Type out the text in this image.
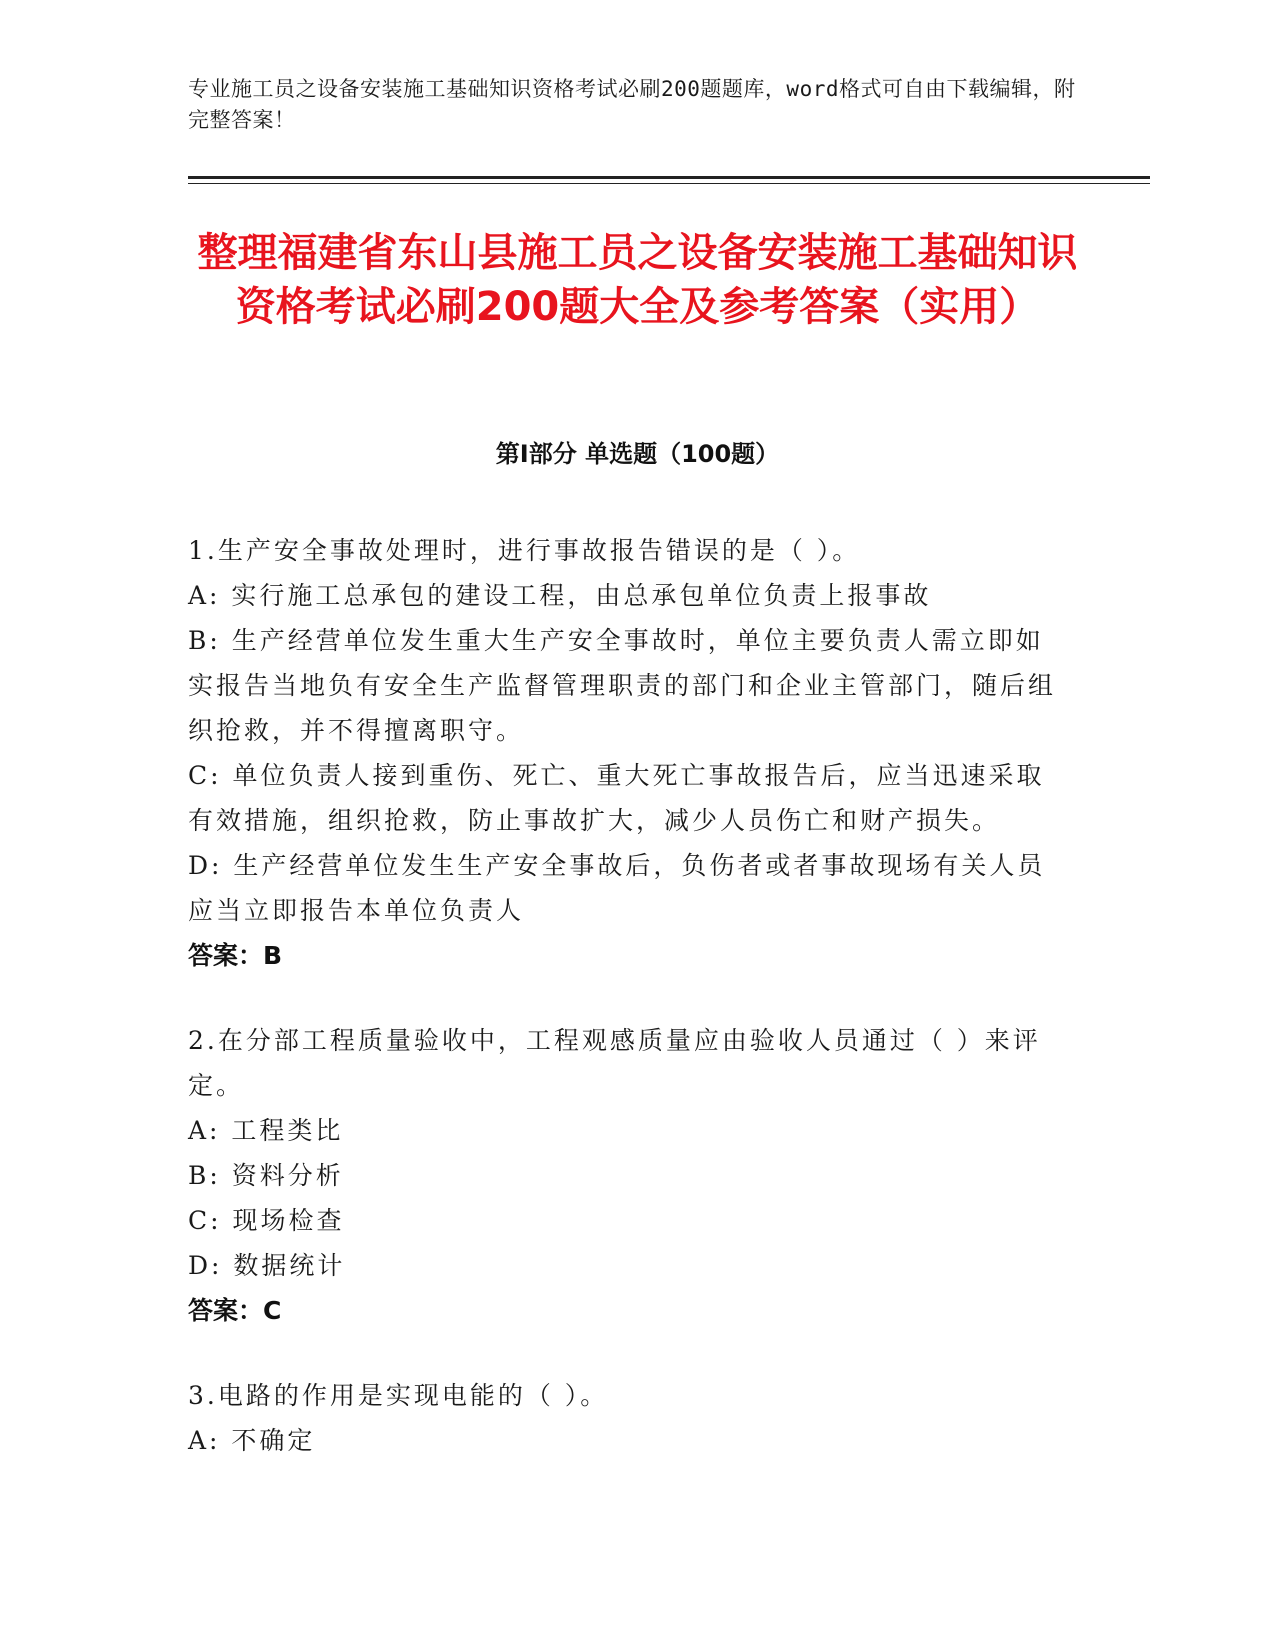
专业施工员之设备安装施工基础知识资格考试必刷200题题库，word格式可自由下载编辑，附完整答案！
整理福建省东山县施工员之设备安装施工基础知识资格考试必刷200题大全及参考答案（实用）
第Ⅰ部分 单选题（100题）

1.生产安全事故处理时，进行事故报告错误的是（ ）。

A: 实行施工总承包的建设工程，由总承包单位负责上报事故

B: 生产经营单位发生重大生产安全事故时，单位主要负责人需立即如实报告当地负有安全生产监督管理职责的部门和企业主管部门，随后组织抢救，并不得擅离职守。

C: 单位负责人接到重伤、死亡、重大死亡事故报告后，应当迅速采取有效措施，组织抢救，防止事故扩大，减少人员伤亡和财产损失。

D: 生产经营单位发生生产安全事故后，负伤者或者事故现场有关人员应当立即报告本单位负责人

答案：B

2.在分部工程质量验收中，工程观感质量应由验收人员通过（ ）来评定。

A: 工程类比

B: 资料分析

C: 现场检查

D: 数据统计

答案：C

3.电路的作用是实现电能的（ ）。

A: 不确定
